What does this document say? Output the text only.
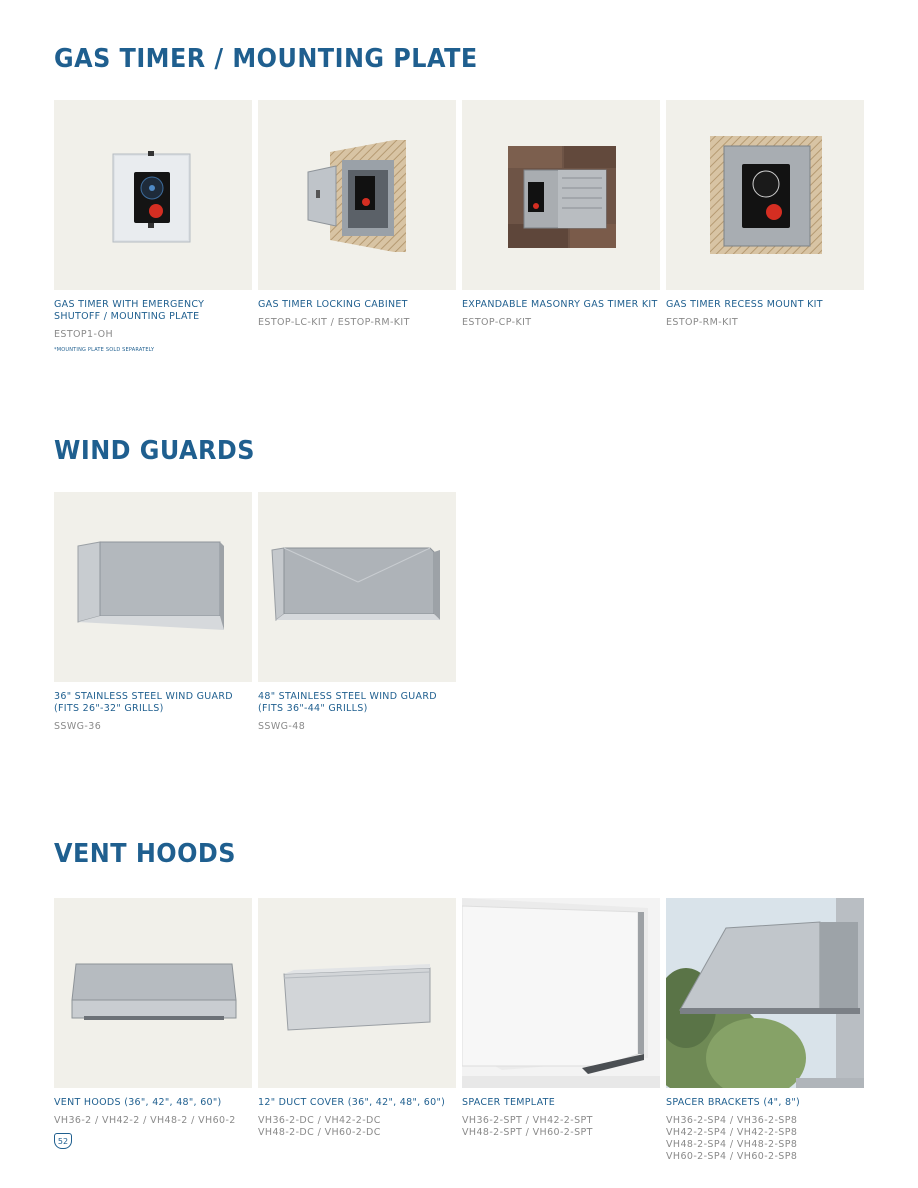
GAS TIMER / MOUNTING PLATE
GAS TIMER WITH EMERGENCY
SHUTOFF / MOUNTING PLATE
ESTOP1-OH
*MOUNTING PLATE SOLD SEPARATELY
GAS TIMER LOCKING CABINET
ESTOP-LC-KIT / ESTOP-RM-KIT
EXPANDABLE MASONRY GAS TIMER KIT
ESTOP-CP-KIT
GAS TIMER RECESS MOUNT KIT
ESTOP-RM-KIT
WIND GUARDS
36" STAINLESS STEEL WIND GUARD
(FITS 26"-32" GRILLS)
SSWG-36
48" STAINLESS STEEL WIND GUARD
(FITS 36"-44" GRILLS)
SSWG-48
VENT HOODS
VENT HOODS (36", 42", 48", 60")
VH36-2 / VH42-2 / VH48-2 / VH60-2
12" DUCT COVER (36", 42", 48", 60")
VH36-2-DC / VH42-2-DC
VH48-2-DC / VH60-2-DC
SPACER TEMPLATE
VH36-2-SPT / VH42-2-SPT
VH48-2-SPT / VH60-2-SPT
SPACER BRACKETS (4", 8")
VH36-2-SP4 / VH36-2-SP8
VH42-2-SP4 / VH42-2-SP8
VH48-2-SP4 / VH48-2-SP8
VH60-2-SP4 / VH60-2-SP8
52
